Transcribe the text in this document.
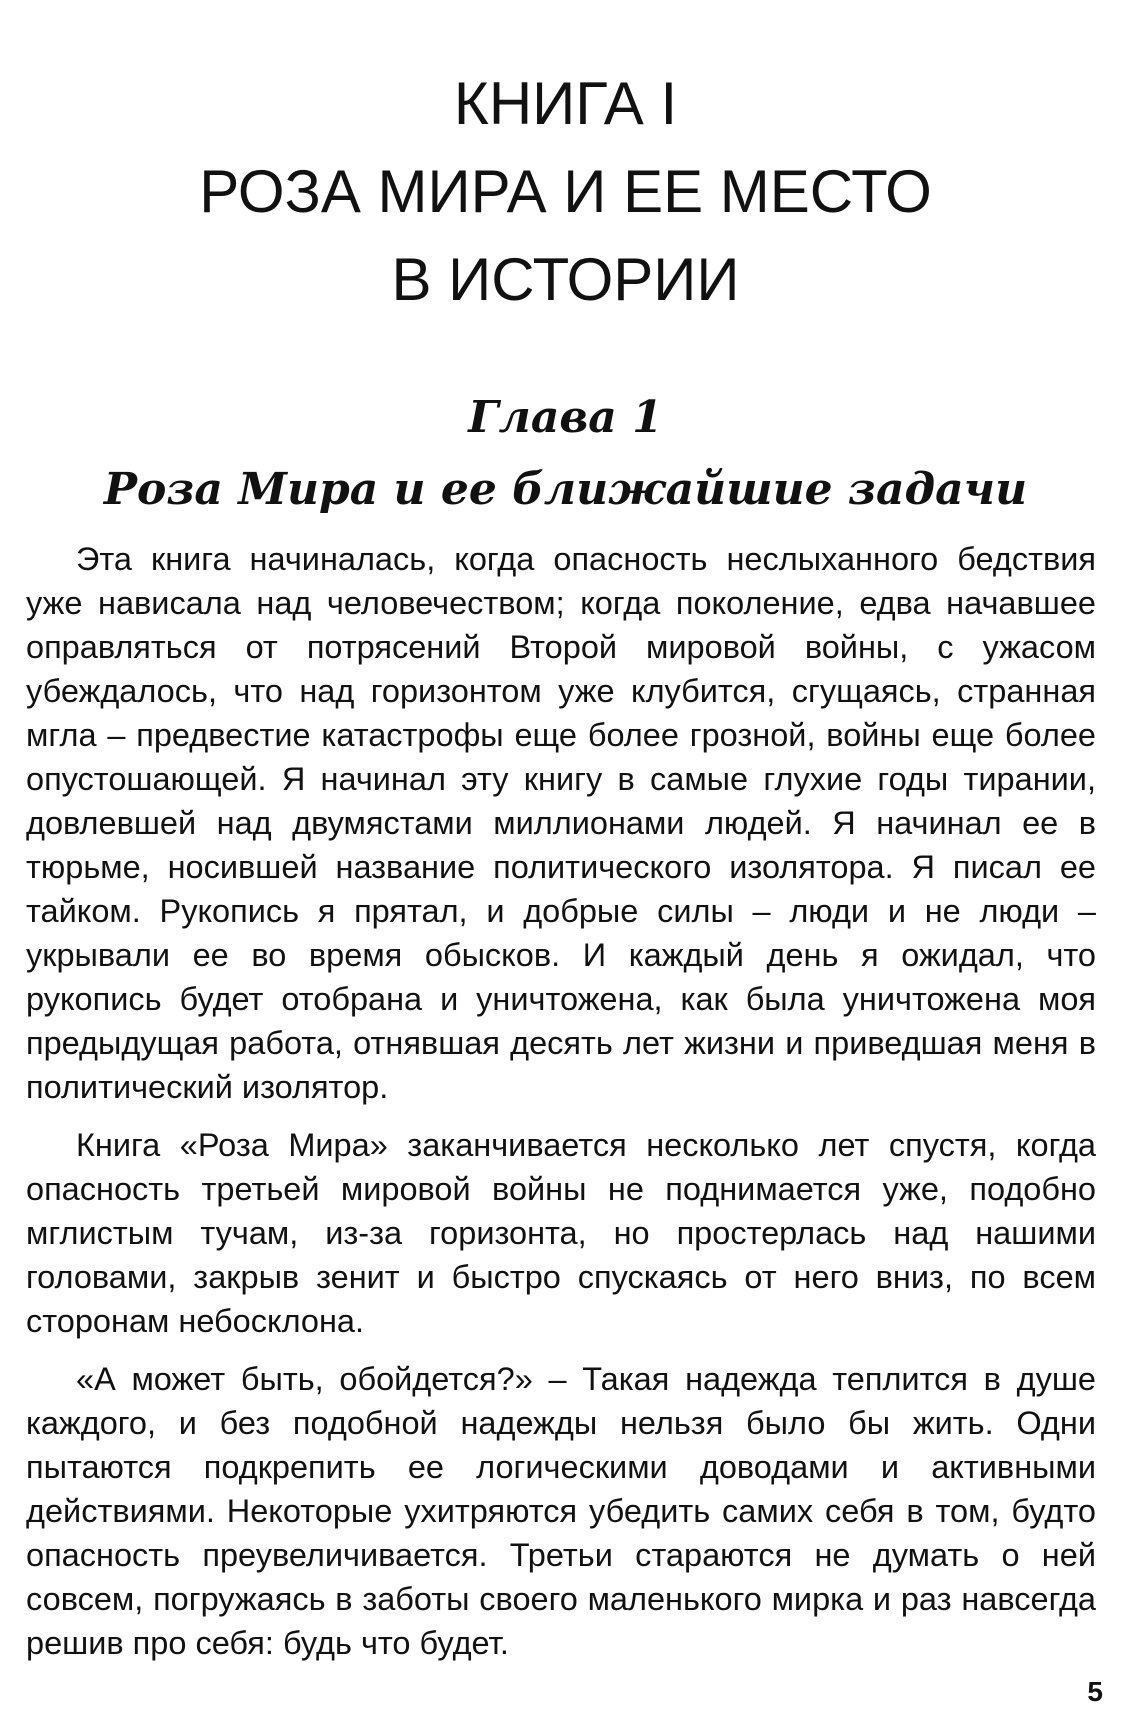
КНИГА I
РОЗА МИРА И ЕЕ МЕСТО
В ИСТОРИИ
Глава 1
Роза Мира и ее ближайшие задачи

Эта книга начиналась, когда опасность неслыханного бедствия уже нависала над человечеством; когда поколение, едва начавшее оправляться от потрясений Второй мировой войны, с ужасом убеждалось, что над горизонтом уже клубится, сгущаясь, странная мгла – предвестие катастрофы еще более грозной, войны еще более опустошающей. Я начинал эту книгу в самые глухие годы тирании, довлевшей над двумястами миллионами людей. Я начинал ее в тюрьме, носившей название политического изолятора. Я писал ее тайком. Рукопись я прятал, и добрые силы – люди и не люди – укрывали ее во время обысков. И каждый день я ожидал, что рукопись будет отобрана и уничтожена, как была уничтожена моя предыдущая работа, отнявшая десять лет жизни и приведшая меня в политический изолятор.

Книга «Роза Мира» заканчивается несколько лет спустя, когда опасность третьей мировой войны не поднимается уже, подобно мглистым тучам, из-за горизонта, но простерлась над нашими головами, закрыв зенит и быстро спускаясь от него вниз, по всем сторонам небосклона.

«А может быть, обойдется?» – Такая надежда теплится в душе каждого, и без подобной надежды нельзя было бы жить. Одни пытаются подкрепить ее логическими доводами и активными действиями. Некоторые ухитряются убедить самих себя в том, будто опасность преувеличивается. Третьи стараются не думать о ней совсем, погружаясь в заботы своего маленького мирка и раз навсегда решив про себя: будь что будет.

5
